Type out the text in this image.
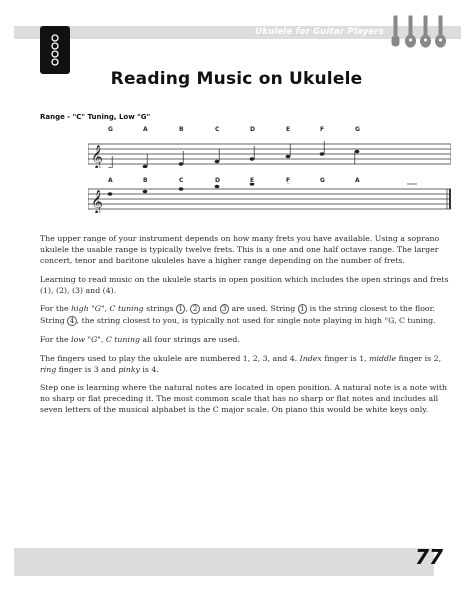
Ukulele for Guitar Players
Reading Music on Ukulele
Range - "C" Tuning, Low "G"
𝄞
G	A	B	C	D	E	F	G
𝄞
A	B	C	D	E	F	G	A

The upper range of your instrument depends on how many frets you have available. Using a soprano ukulele the usable range is typically twelve frets. This is a one and one half octave range. The larger concert, tenor and baritone ukuleles have a higher range depending on the number of frets.

Learning to read music on the ukulele starts in open position which includes the open strings and frets (1), (2), (3) and (4).

For the high "G", C tuning strings 1 , 2 and 3 are used. String 1 is the string closest to the floor. String 4 , the string closest to you, is typically not used for single note playing in high "G, C tuning.

For the low "G", C tuning all four strings are used.

The fingers used to play the ukulele are numbered 1, 2, 3, and 4. Index finger is 1, middle finger is 2, ring finger is 3 and pinky is 4.

Step one is learning where the natural notes are located in open position. A natural note is a note with no sharp or flat preceding it. The most common scale that has no sharp or flat notes and includes all seven letters of the musical alphabet is the C major scale. On piano this would be white keys only.

77
